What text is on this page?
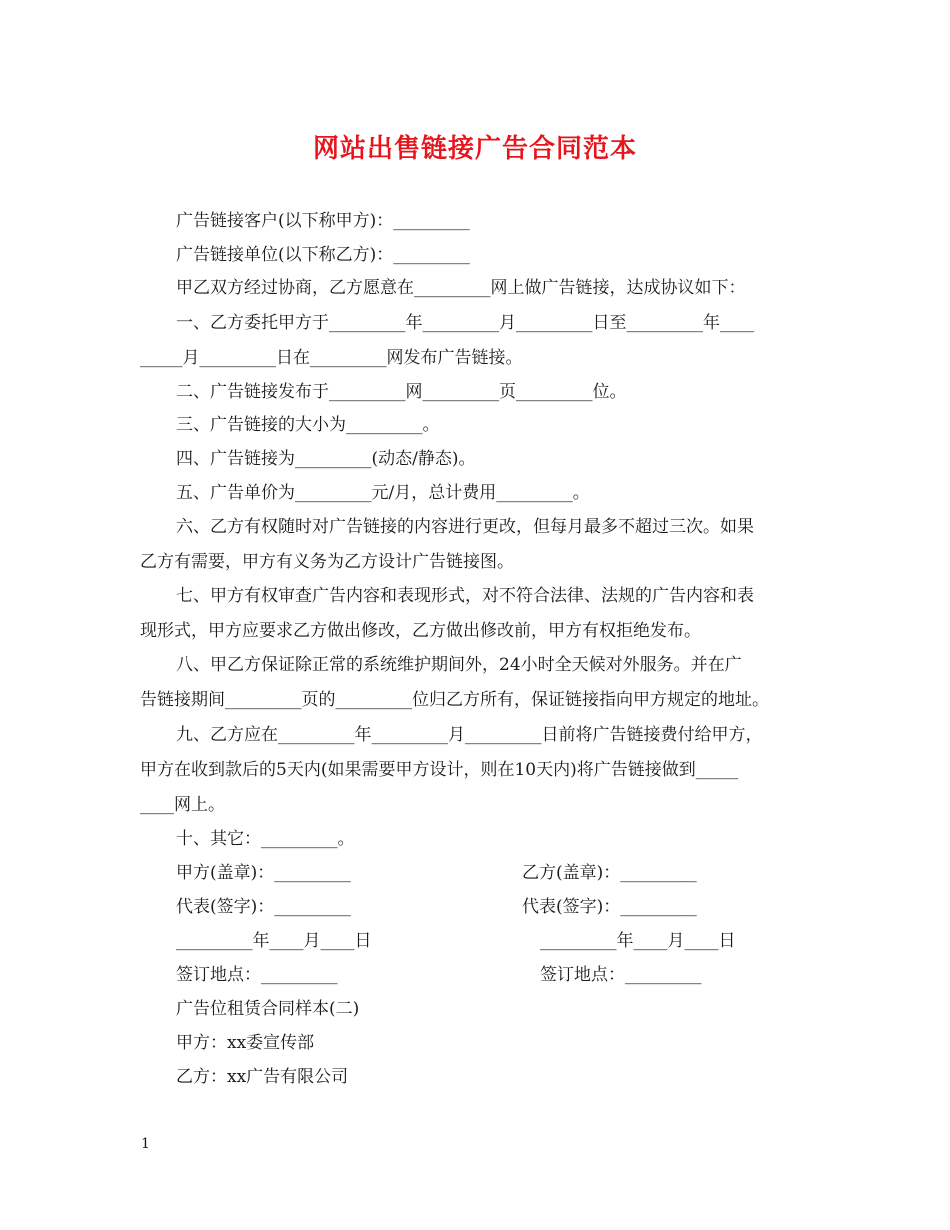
网站出售链接广告合同范本
广告链接客户(以下称甲方)：_________
广告链接单位(以下称乙方)：_________
甲乙双方经过协商，乙方愿意在_________网上做广告链接，达成协议如下：
一、乙方委托甲方于_________年_________月_________日至_________年____
_____月_________日在_________网发布广告链接。
二、广告链接发布于_________网_________页_________位。
三、广告链接的大小为_________。
四、广告链接为_________(动态/静态)。
五、广告单价为_________元/月，总计费用_________。
六、乙方有权随时对广告链接的内容进行更改，但每月最多不超过三次。如果
乙方有需要，甲方有义务为乙方设计广告链接图。
七、甲方有权审查广告内容和表现形式，对不符合法律、法规的广告内容和表
现形式，甲方应要求乙方做出修改，乙方做出修改前，甲方有权拒绝发布。
八、甲乙方保证除正常的系统维护期间外，24小时全天候对外服务。并在广
告链接期间_________页的_________位归乙方所有，保证链接指向甲方规定的地址。
九、乙方应在_________年_________月_________日前将广告链接费付给甲方，
甲方在收到款后的5天内(如果需要甲方设计，则在10天内)将广告链接做到_____
____网上。
十、其它：_________。
甲方(盖章)：_________	乙方(盖章)：_________
代表(签字)：_________	代表(签字)：_________
_________年____月____日	_________年____月____日
签订地点：_________	签订地点：_________
广告位租赁合同样本(二)
甲方：xx委宣传部
乙方：xx广告有限公司
1
